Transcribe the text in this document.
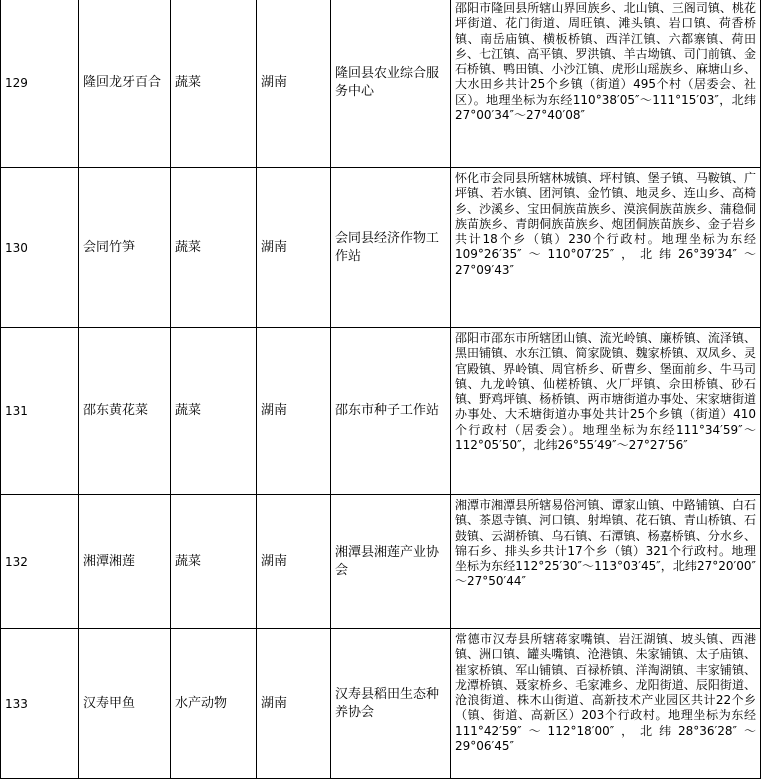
129	隆回龙牙百合	蔬菜	湖南	隆回县农业综合服务中心	邵阳市隆回县所辖山界回族乡、北山镇、三阁司镇、桃花坪街道、花门街道、周旺镇、滩头镇、岩口镇、荷香桥镇、南岳庙镇、横板桥镇、西洋江镇、六都寨镇、荷田乡、七江镇、高平镇、罗洪镇、羊古坳镇、司门前镇、金石桥镇、鸭田镇、小沙江镇、虎形山瑶族乡、麻塘山乡、大水田乡共计25个乡镇（街道）495个村（居委会、社区）。地理坐标为东经110°38′05″～111°15′03″，北纬27°00′34″～27°40′08″
130	会同竹笋	蔬菜	湖南	会同县经济作物工作站	怀化市会同县所辖林城镇、坪村镇、堡子镇、马鞍镇、广坪镇、若水镇、团河镇、金竹镇、地灵乡、连山乡、高椅乡、沙溪乡、宝田侗族苗族乡、漠滨侗族苗族乡、蒲稳侗族苗族乡、青朗侗族苗族乡、炮团侗族苗族乡、金子岩乡共计18个乡（镇）230个行政村。地理坐标为东经109°26′35″～110°07′25″，北纬26°39′34″～27°09′43″
131	邵东黄花菜	蔬菜	湖南	邵东市种子工作站	邵阳市邵东市所辖团山镇、流光岭镇、廉桥镇、流泽镇、黑田铺镇、水东江镇、简家陇镇、魏家桥镇、双凤乡、灵官殿镇、界岭镇、周官桥乡、斫曹乡、堡面前乡、牛马司镇、九龙岭镇、仙槎桥镇、火厂坪镇、佘田桥镇、砂石镇、野鸡坪镇、杨桥镇、两市塘街道办事处、宋家塘街道办事处、大禾塘街道办事处共计25个乡镇（街道）410个行政村（居委会）。地理坐标为东经111°34′59″～112°05′50″，北纬26°55′49″～27°27′56″
132	湘潭湘莲	蔬菜	湖南	湘潭县湘莲产业协会	湘潭市湘潭县所辖易俗河镇、谭家山镇、中路铺镇、白石镇、茶恩寺镇、河口镇、射埠镇、花石镇、青山桥镇、石鼓镇、云湖桥镇、乌石镇、石潭镇、杨嘉桥镇、分水乡、锦石乡、排头乡共计17个乡（镇）321个行政村。地理坐标为东经112°25′30″～113°03′45″，北纬27°20′00″～27°50′44″
133	汉寿甲鱼	水产动物	湖南	汉寿县稻田生态种养协会	常德市汉寿县所辖蒋家嘴镇、岩汪湖镇、坡头镇、西港镇、洲口镇、罐头嘴镇、沧港镇、朱家铺镇、太子庙镇、崔家桥镇、军山铺镇、百禄桥镇、洋淘湖镇、丰家铺镇、龙潭桥镇、聂家桥乡、毛家滩乡、龙阳街道、辰阳街道、沧浪街道、株木山街道、高新技术产业园区共计22个乡（镇、街道、高新区）203个行政村。地理坐标为东经111°42′59″～112°18′00″，北纬28°36′28″～29°06′45″
